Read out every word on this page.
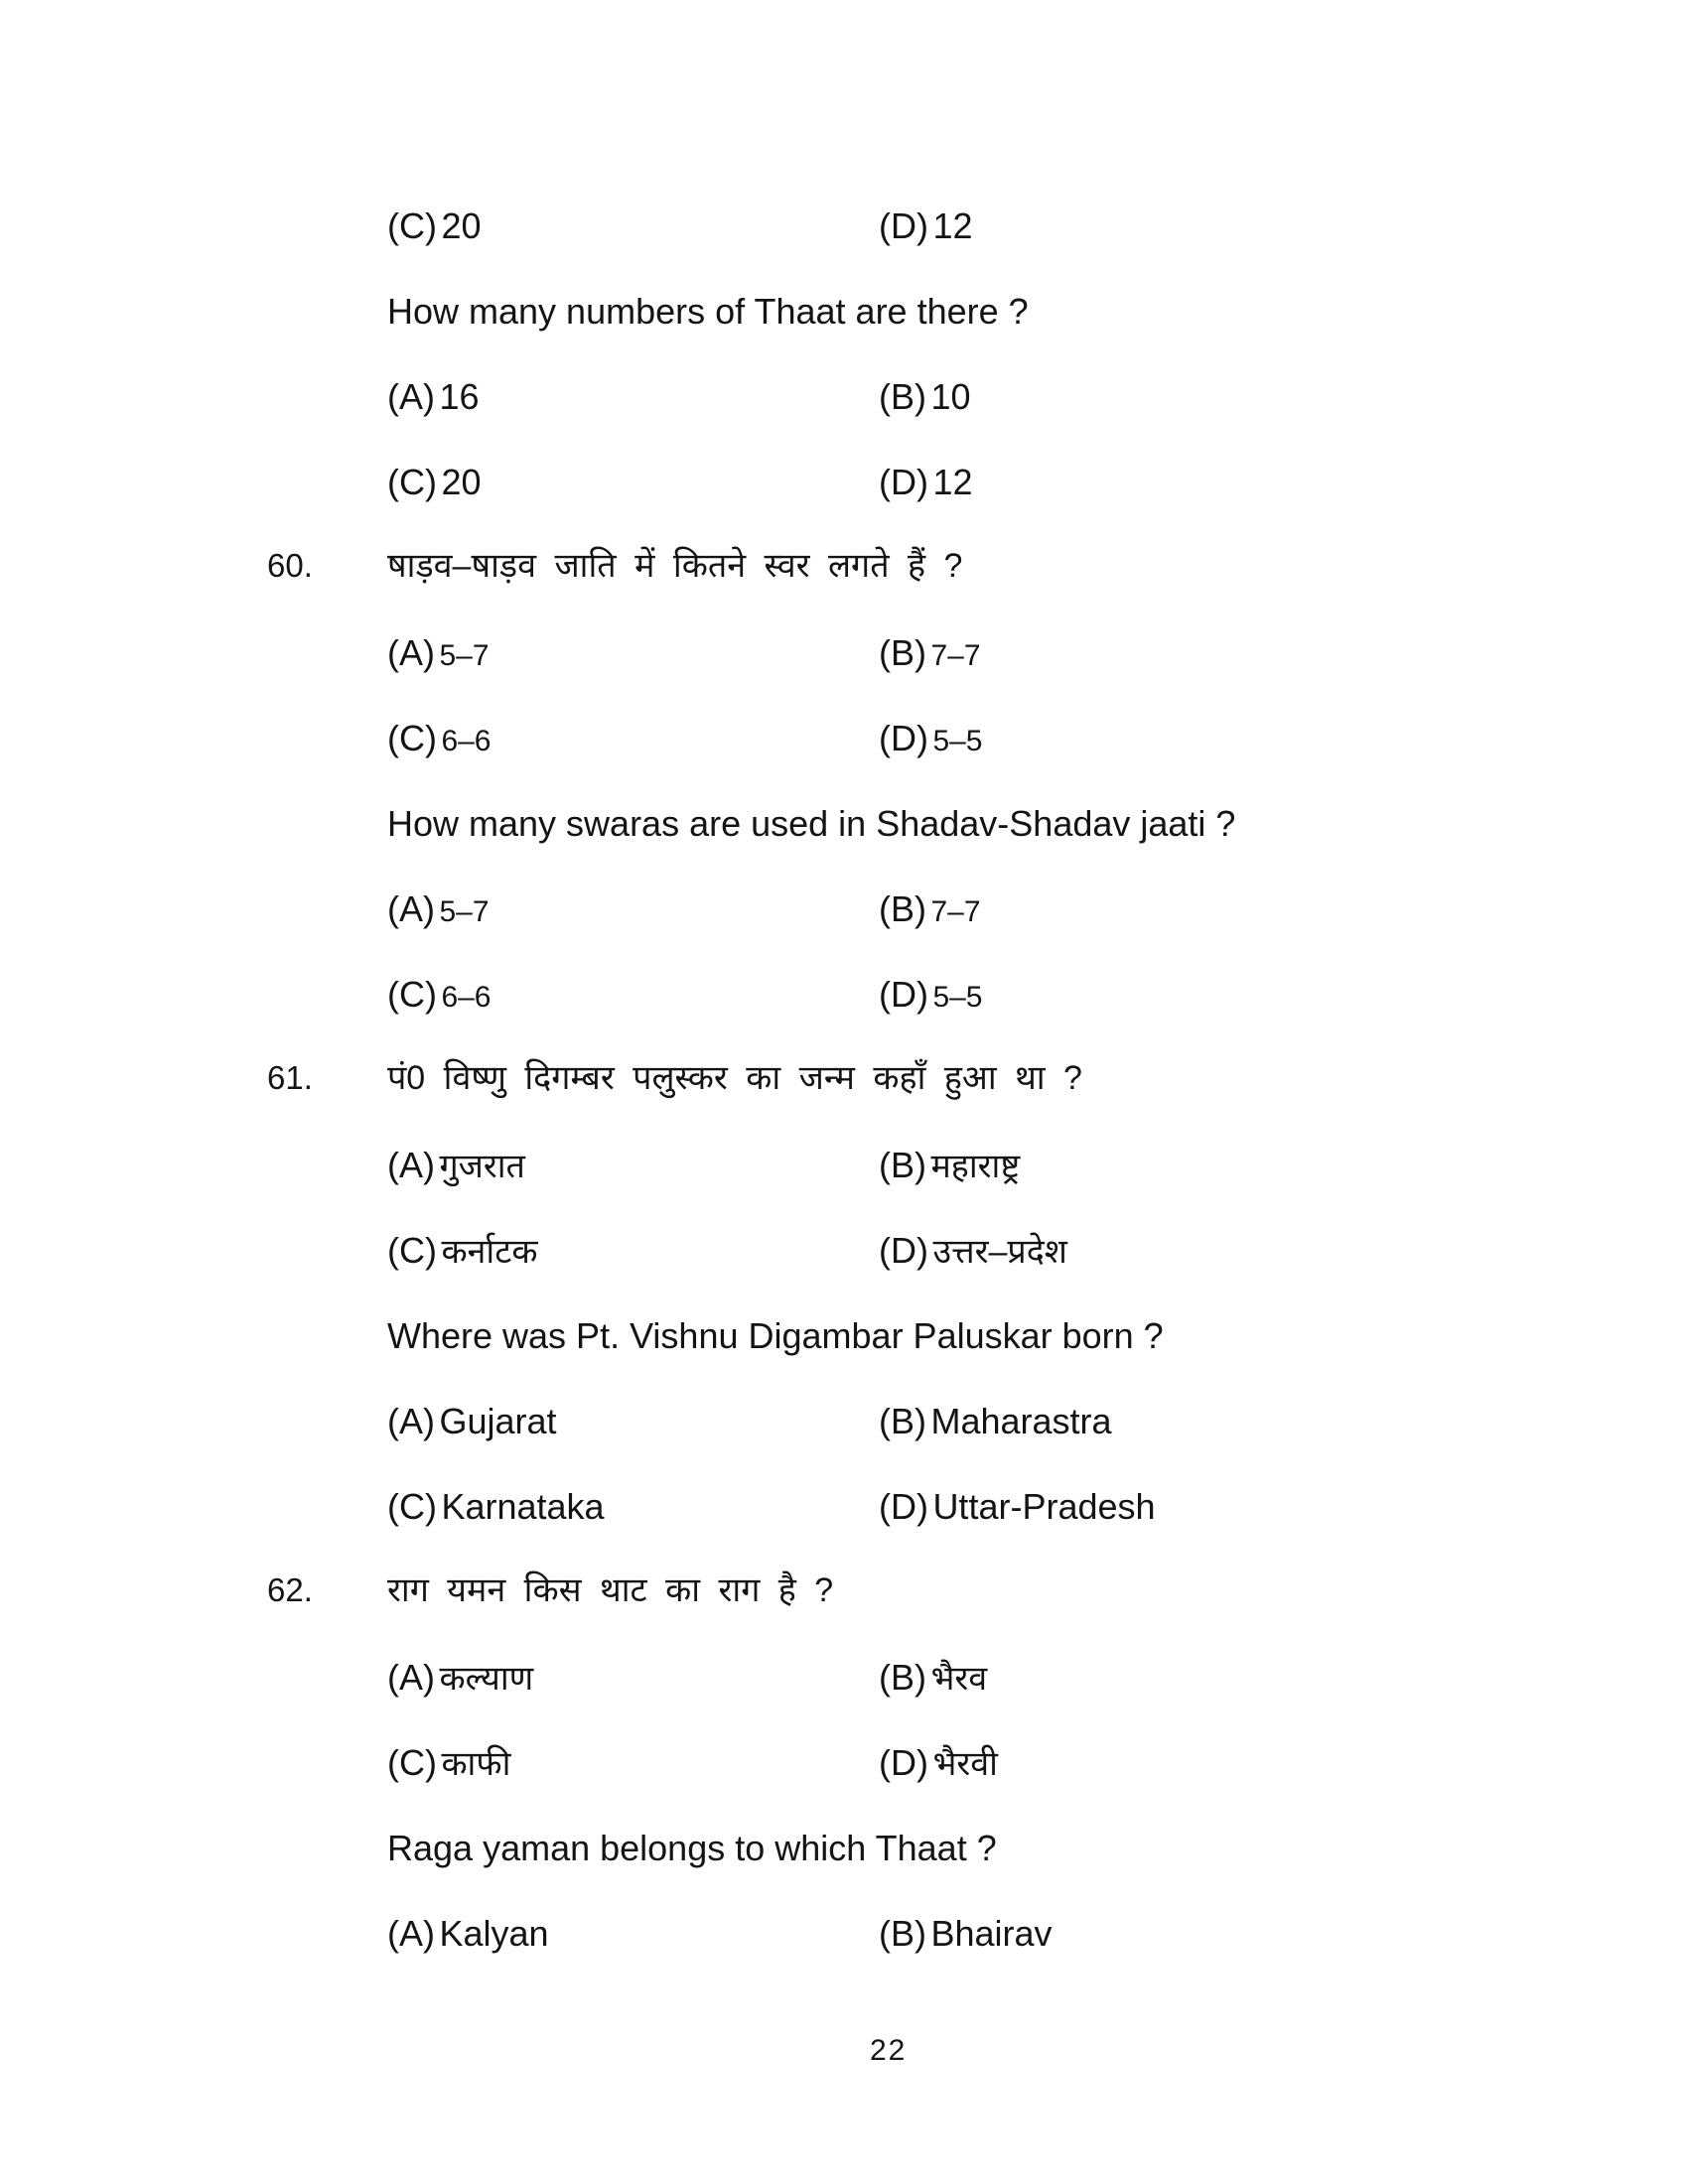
(C) 20	(D) 12
How many numbers of Thaat are there ?
(A) 16	(B) 10
(C) 20	(D) 12
60. षाड़व–षाड़व जाति में कितने स्वर लगते हैं ?
(A) 5–7	(B) 7–7
(C) 6–6	(D) 5–5
How many swaras are used in Shadav-Shadav jaati ?
(A) 5–7	(B) 7–7
(C) 6–6	(D) 5–5
61. पं0 विष्णु दिगम्बर पलुस्कर का जन्म कहाँ हुआ था ?
(A) गुजरात	(B) महाराष्ट्र
(C) कर्नाटक	(D) उत्तर–प्रदेश
Where was Pt. Vishnu Digambar Paluskar born ?
(A) Gujarat	(B) Maharastra
(C) Karnataka	(D) Uttar-Pradesh
62. राग यमन किस थाट का राग है ?
(A) कल्याण	(B) भैरव
(C) काफी	(D) भैरवी
Raga yaman belongs to which Thaat ?
(A) Kalyan	(B) Bhairav
22
